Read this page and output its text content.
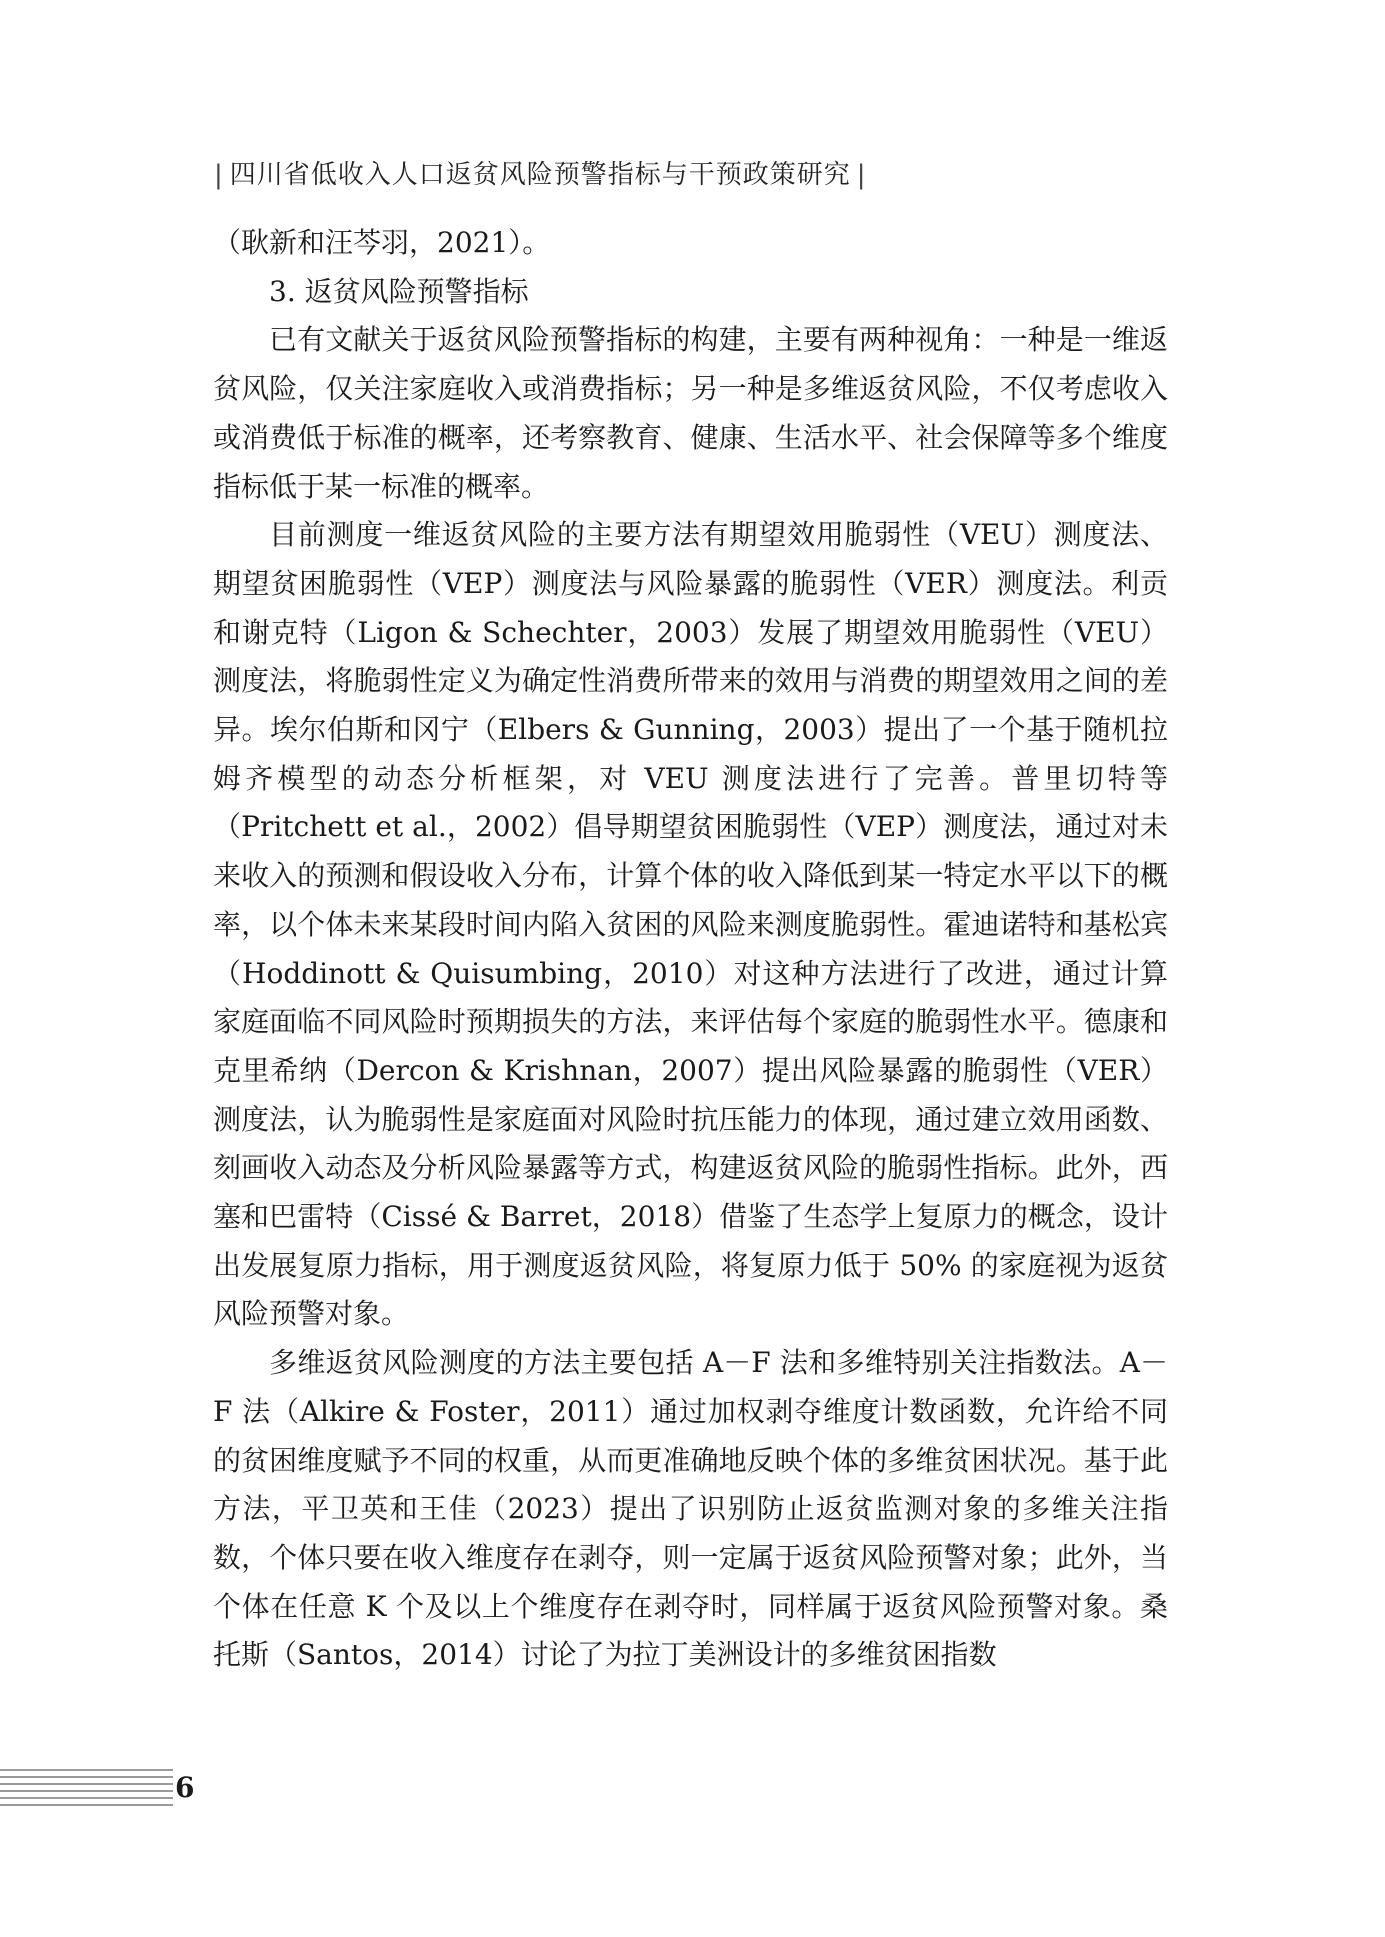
| 四川省低收入人口返贫风险预警指标与干预政策研究 |

（耿新和汪芩羽，2021）。

3. 返贫风险预警指标

已有文献关于返贫风险预警指标的构建，主要有两种视角：一种是一维返贫风险，仅关注家庭收入或消费指标；另一种是多维返贫风险，不仅考虑收入或消费低于标准的概率，还考察教育、健康、生活水平、社会保障等多个维度指标低于某一标准的概率。

目前测度一维返贫风险的主要方法有期望效用脆弱性（VEU）测度法、期望贫困脆弱性（VEP）测度法与风险暴露的脆弱性（VER）测度法。利贡和谢克特（Ligon & Schechter，2003）发展了期望效用脆弱性（VEU）测度法，将脆弱性定义为确定性消费所带来的效用与消费的期望效用之间的差异。埃尔伯斯和冈宁（Elbers & Gunning，2003）提出了一个基于随机拉姆齐模型的动态分析框架，对 VEU 测度法进行了完善。普里切特等（Pritchett et al.，2002）倡导期望贫困脆弱性（VEP）测度法，通过对未来收入的预测和假设收入分布，计算个体的收入降低到某一特定水平以下的概率，以个体未来某段时间内陷入贫困的风险来测度脆弱性。霍迪诺特和基松宾（Hoddinott & Quisumbing，2010）对这种方法进行了改进，通过计算家庭面临不同风险时预期损失的方法，来评估每个家庭的脆弱性水平。德康和克里希纳（Dercon & Krishnan，2007）提出风险暴露的脆弱性（VER）测度法，认为脆弱性是家庭面对风险时抗压能力的体现，通过建立效用函数、刻画收入动态及分析风险暴露等方式，构建返贫风险的脆弱性指标。此外，西塞和巴雷特（Cissé & Barret，2018）借鉴了生态学上复原力的概念，设计出发展复原力指标，用于测度返贫风险，将复原力低于 50% 的家庭视为返贫风险预警对象。

多维返贫风险测度的方法主要包括 A－F 法和多维特别关注指数法。A－F 法（Alkire & Foster，2011）通过加权剥夺维度计数函数，允许给不同的贫困维度赋予不同的权重，从而更准确地反映个体的多维贫困状况。基于此方法，平卫英和王佳（2023）提出了识别防止返贫监测对象的多维关注指数，个体只要在收入维度存在剥夺，则一定属于返贫风险预警对象；此外，当个体在任意 K 个及以上个维度存在剥夺时，同样属于返贫风险预警对象。桑托斯（Santos，2014）讨论了为拉丁美洲设计的多维贫困指数

6
